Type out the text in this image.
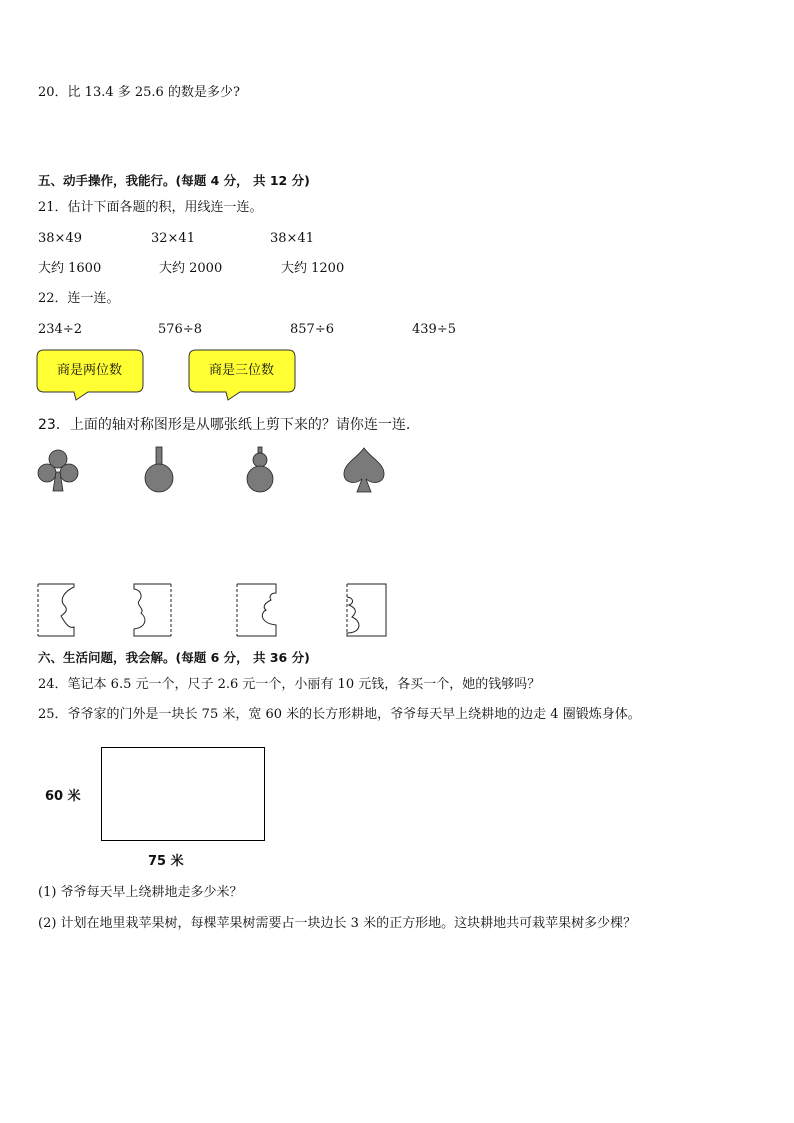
20．比 13.4 多 25.6 的数是多少?
五、动手操作，我能行。(每题 4 分， 共 12 分)
21．估计下面各题的积，用线连一连。
38×49	32×41	38×41
大约 1600	大约 2000	大约 1200
22．连一连。
234÷2	576÷8	857÷6	439÷5
商是两位数	商是三位数
23．上面的轴对称图形是从哪张纸上剪下来的？请你连一连.
六、生活问题，我会解。(每题 6 分， 共 36 分)
24．笔记本 6.5 元一个，尺子 2.6 元一个，小丽有 10 元钱，各买一个，她的钱够吗？
25．爷爷家的门外是一块长 75 米，宽 60 米的长方形耕地，爷爷每天早上绕耕地的边走 4 圈锻炼身体。
60 米
75 米
(1) 爷爷每天早上绕耕地走多少米？
(2) 计划在地里栽苹果树，每棵苹果树需要占一块边长 3 米的正方形地。这块耕地共可栽苹果树多少棵？
